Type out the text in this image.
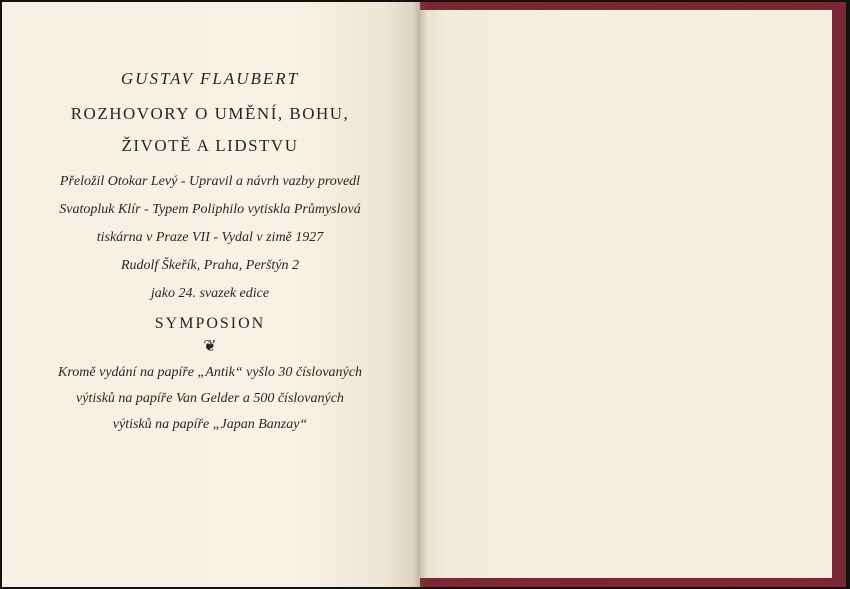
GUSTAV FLAUBERT
ROZHOVORY O UMĚNÍ, BOHU,
ŽIVOTĚ A LIDSTVU
Přeložil Otokar Levý - Upravil a návrh vazby provedl
Svatopluk Klír - Typem Poliphilo vytiskla Průmyslová
tiskárna v Praze VII - Vydal v zimě 1927
Rudolf Škeřík, Praha, Perštýn 2
jako 24. svazek edice
SYMPOSION
❦
Kromě vydání na papíře „Antik“ vyšlo 30 číslovaných
výtisků na papíře Van Gelder a 500 číslovaných
výtisků na papíře „Japan Banzay“
